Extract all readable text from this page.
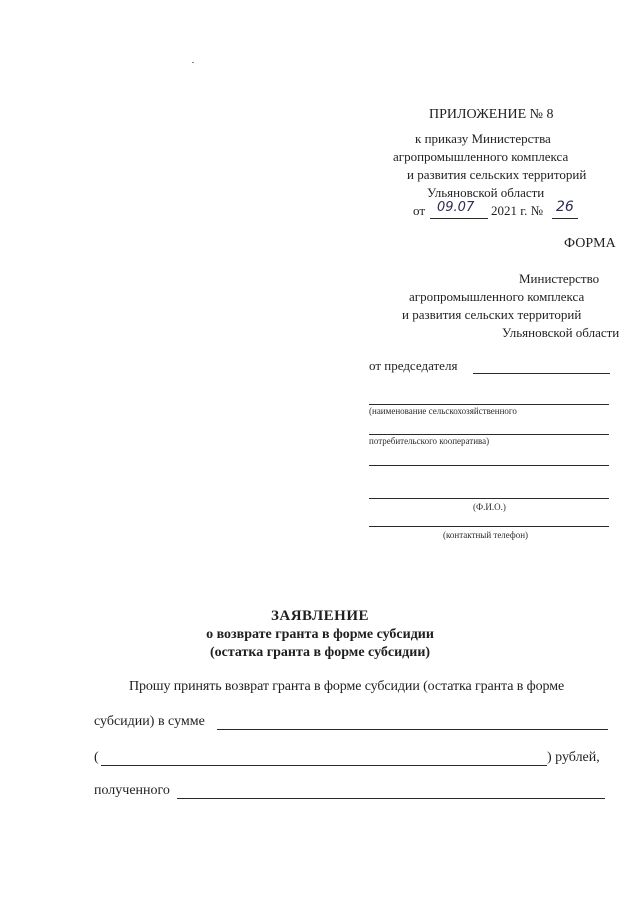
ПРИЛОЖЕНИЕ № 8
к приказу Министерства
агропромышленного комплекса
и развития сельских территорий
Ульяновской области
от 09.07 2021 г. № 26
ФОРМА
Министерство
агропромышленного комплекса
и развития сельских территорий
Ульяновской области
от председателя
(наименование сельскохозяйственного
потребительского кооператива)
(Ф.И.О.)
(контактный телефон)
ЗАЯВЛЕНИЕ
о возврате гранта в форме субсидии
(остатка гранта в форме субсидии)
Прошу принять возврат гранта в форме субсидии (остатка гранта в форме
субсидии) в сумме
(	) рублей,
полученного
